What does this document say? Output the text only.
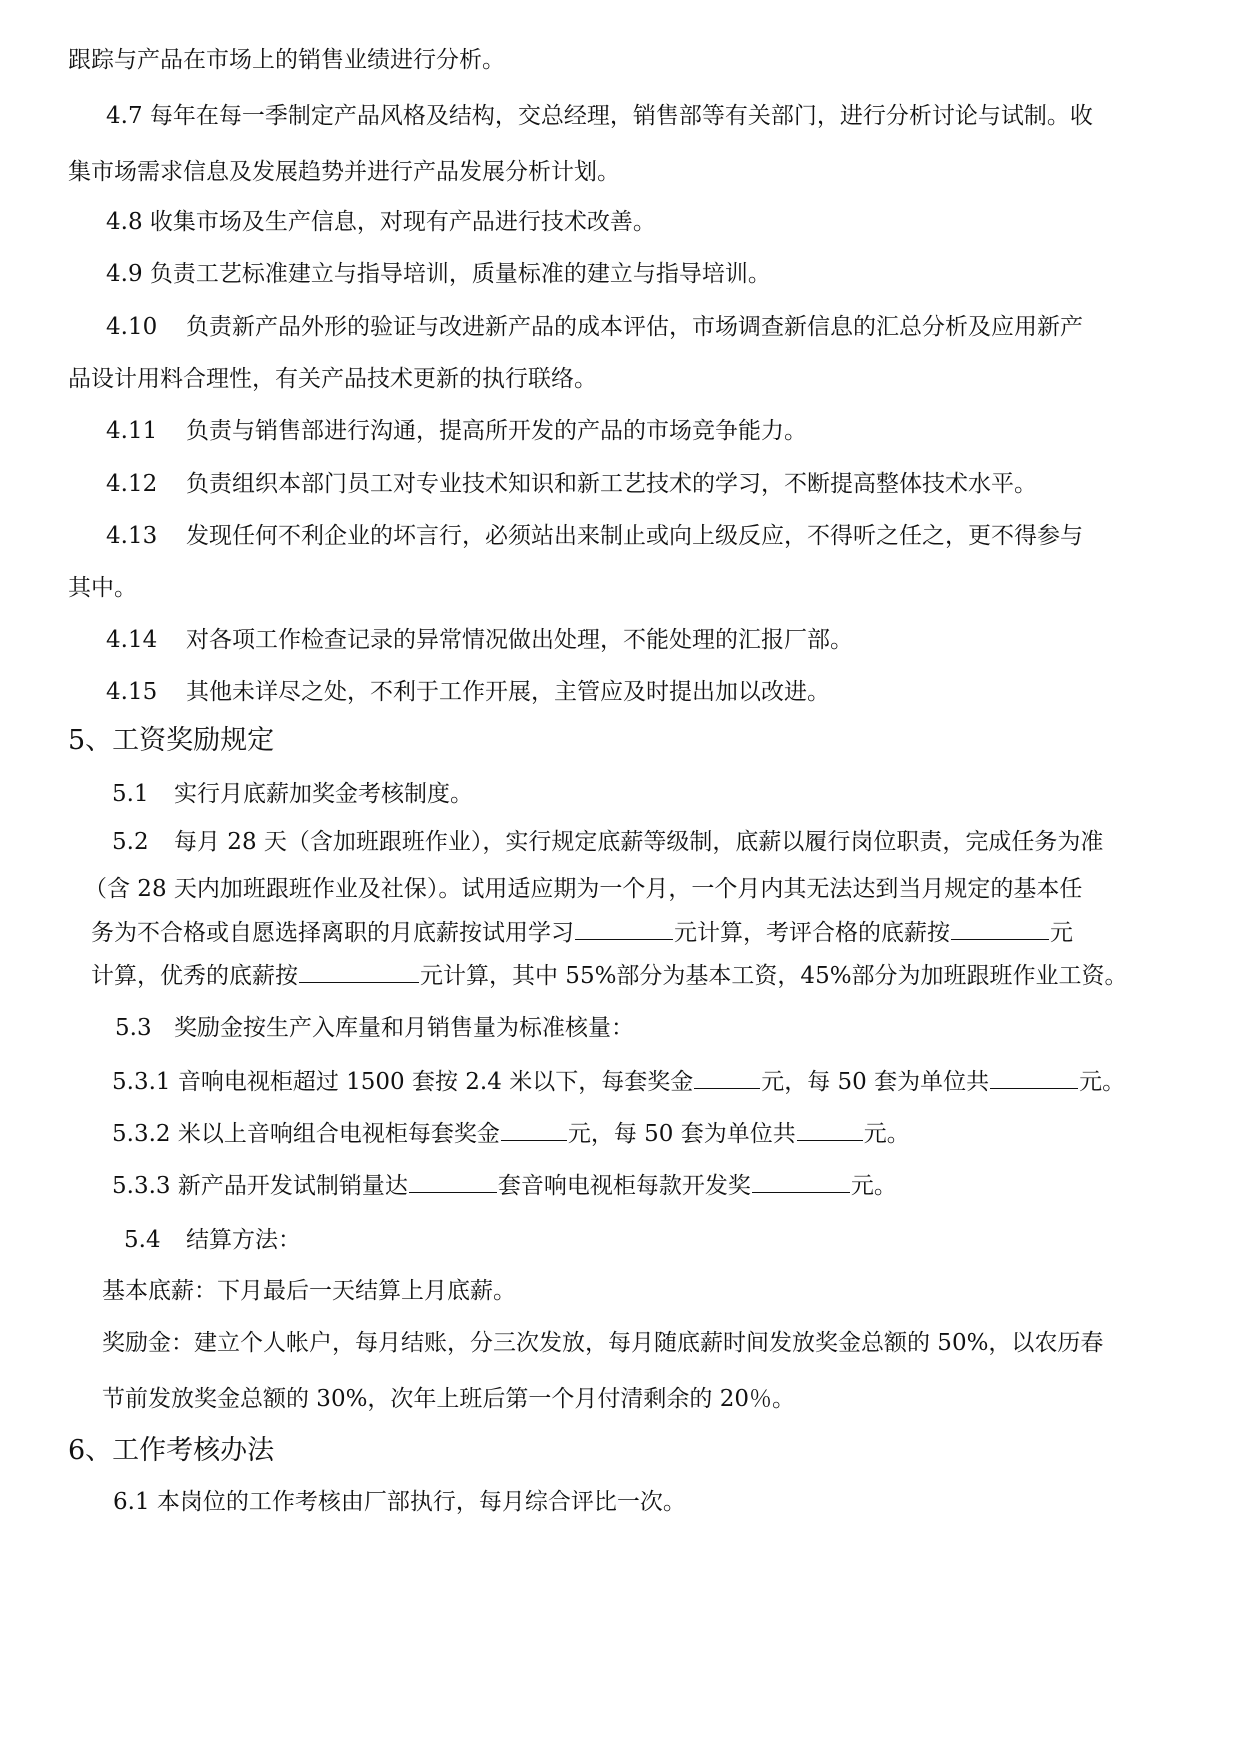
跟踪与产品在市场上的销售业绩进行分析。
4.7 每年在每一季制定产品风格及结构，交总经理，销售部等有关部门，进行分析讨论与试制。收
集市场需求信息及发展趋势并进行产品发展分析计划。
4.8 收集市场及生产信息，对现有产品进行技术改善。
4.9 负责工艺标准建立与指导培训，质量标准的建立与指导培训。
4.10 负责新产品外形的验证与改进新产品的成本评估，市场调查新信息的汇总分析及应用新产
品设计用料合理性，有关产品技术更新的执行联络。
4.11 负责与销售部进行沟通，提高所开发的产品的市场竞争能力。
4.12 负责组织本部门员工对专业技术知识和新工艺技术的学习，不断提高整体技术水平。
4.13 发现任何不利企业的坏言行，必须站出来制止或向上级反应，不得听之任之，更不得参与
其中。
4.14 对各项工作检查记录的异常情况做出处理，不能处理的汇报厂部。
4.15 其他未详尽之处，不利于工作开展，主管应及时提出加以改进。
5、工资奖励规定
5.1 实行月底薪加奖金考核制度。
5.2 每月 28 天（含加班跟班作业），实行规定底薪等级制，底薪以履行岗位职责，完成任务为准
（含 28 天内加班跟班作业及社保）。试用适应期为一个月，一个月内其无法达到当月规定的基本任
务为不合格或自愿选择离职的月底薪按试用学习	元计算，考评合格的底薪按	元
计算，优秀的底薪按	元计算，其中 55%部分为基本工资，45%部分为加班跟班作业工资。
5.3 奖励金按生产入库量和月销售量为标准核量：
5.3.1 音响电视柜超过 1500 套按 2.4 米以下，每套奖金	元，每 50 套为单位共	元。
5.3.2 米以上音响组合电视柜每套奖金	元，每 50 套为单位共	元。
5.3.3 新产品开发试制销量达	套音响电视柜每款开发奖	元。
5.4 结算方法：
基本底薪：下月最后一天结算上月底薪。
奖励金：建立个人帐户，每月结账，分三次发放，每月随底薪时间发放奖金总额的 50%，以农历春
节前发放奖金总额的 30%，次年上班后第一个月付清剩余的 20％。
6、工作考核办法
6.1 本岗位的工作考核由厂部执行，每月综合评比一次。
